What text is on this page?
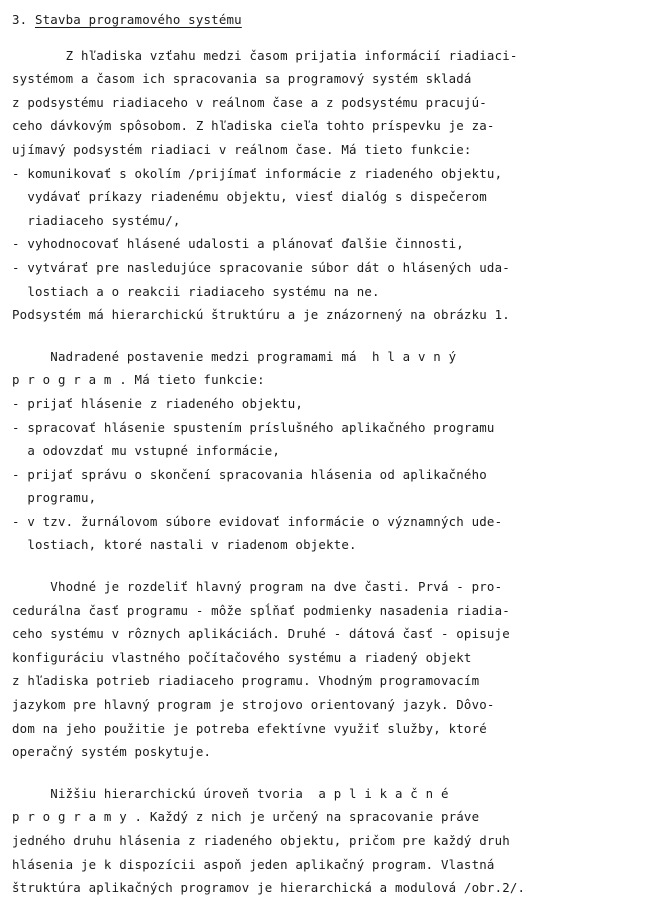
3. Stavba programového systému
Z hľadiska vzťahu medzi časom prijatia informácií riadiaci-
systémom a časom ich spracovania sa programový systém skladá
z podsystému riadiaceho v reálnom čase a z podsystému pracujú-
ceho dávkovým spôsobom. Z hľadiska cieľa tohto príspevku je za-
ujímavý podsystém riadiaci v reálnom čase. Má tieto funkcie:
- komunikovať s okolím /prijímať informácie z riadeného objektu,
vydávať príkazy riadenému objektu, viesť dialóg s dispečerom
riadiaceho systému/,
- vyhodnocovať hlásené udalosti a plánovať ďalšie činnosti,
- vytvárať pre nasledujúce spracovanie súbor dát o hlásených uda-
lostiach a o reakcii riadiaceho systému na ne.
Podsystém má hierarchickú štruktúru a je znázornený na obrázku 1.
Nadradené postavenie medzi programami má  h l a v n ý
p r o g r a m . Má tieto funkcie:
- prijať hlásenie z riadeného objektu,
- spracovať hlásenie spustením príslušného aplikačného programu
a odovzdať mu vstupné informácie,
- prijať správu o skončení spracovania hlásenia od aplikačného
programu,
- v tzv. žurnálovom súbore evidovať informácie o významných ude-
lostiach, ktoré nastali v riadenom objekte.
Vhodné je rozdeliť hlavný program na dve časti. Prvá - pro-
cedurálna časť programu - môže spĺňať podmienky nasadenia riadia-
ceho systému v rôznych aplikáciách. Druhé - dátová časť - opisuje
konfiguráciu vlastného počítačového systému a riadený objekt
z hľadiska potrieb riadiaceho programu. Vhodným programovacím
jazykom pre hlavný program je strojovo orientovaný jazyk. Dôvo-
dom na jeho použitie je potreba efektívne využiť služby, ktoré
operačný systém poskytuje.
Nižšiu hierarchickú úroveň tvoria  a p l i k a č n é
p r o g r a m y . Každý z nich je určený na spracovanie práve
jedného druhu hlásenia z riadeného objektu, pričom pre každý druh
hlásenia je k dispozícii aspoň jeden aplikačný program. Vlastná
štruktúra aplikačných programov je hierarchická a modulová /obr.2/.
